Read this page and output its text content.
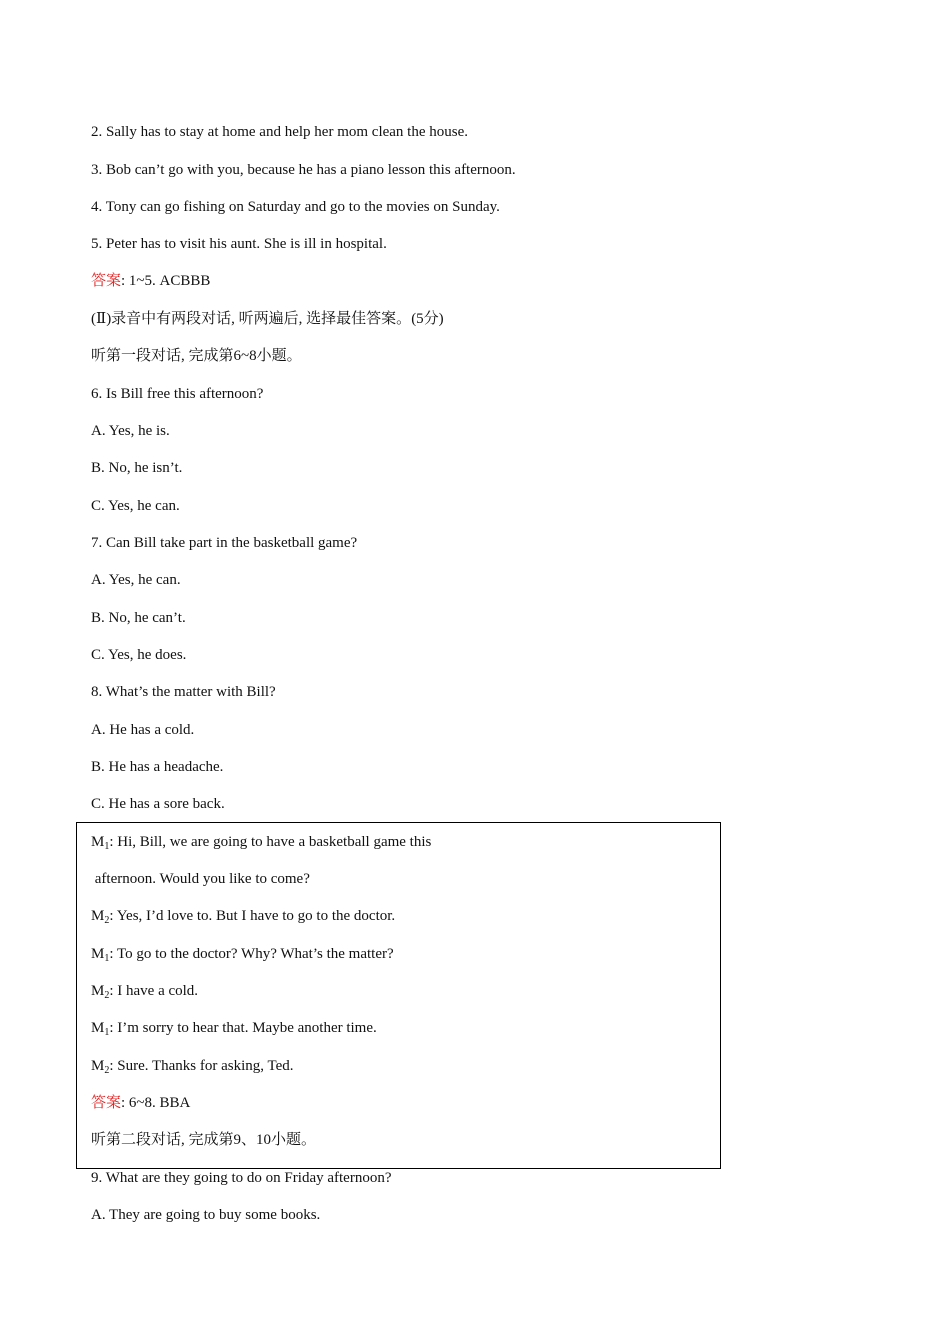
2. Sally has to stay at home and help her mom clean the house.
3. Bob can’t go with you, because he has a piano lesson this afternoon.
4. Tony can go fishing on Saturday and go to the movies on Sunday.
5. Peter has to visit his aunt. She is ill in hospital.
答案: 1~5. ACBBB
(Ⅱ)录音中有两段对话, 听两遍后, 选择最佳答案。(5分)
听第一段对话, 完成第6~8小题。
6. Is Bill free this afternoon?
A. Yes, he is.
B. No, he isn’t.
C. Yes, he can.
7. Can Bill take part in the basketball game?
A. Yes, he can.
B. No, he can’t.
C. Yes, he does.
8. What’s the matter with Bill?
A. He has a cold.
B. He has a headache.
C. He has a sore back.
$M_1$: Hi, Bill, we are going to have a basketball game this
afternoon. Would you like to come?
$M_2$: Yes, I’d love to. But I have to go to the doctor.
$M_1$: To go to the doctor? Why? What’s the matter?
$M_2$: I have a cold.
$M_1$: I’m sorry to hear that. Maybe another time.
$M_2$: Sure. Thanks for asking, Ted.
答案: 6~8. BBA
听第二段对话, 完成第9、10小题。
9. What are they going to do on Friday afternoon?
A. They are going to buy some books.
